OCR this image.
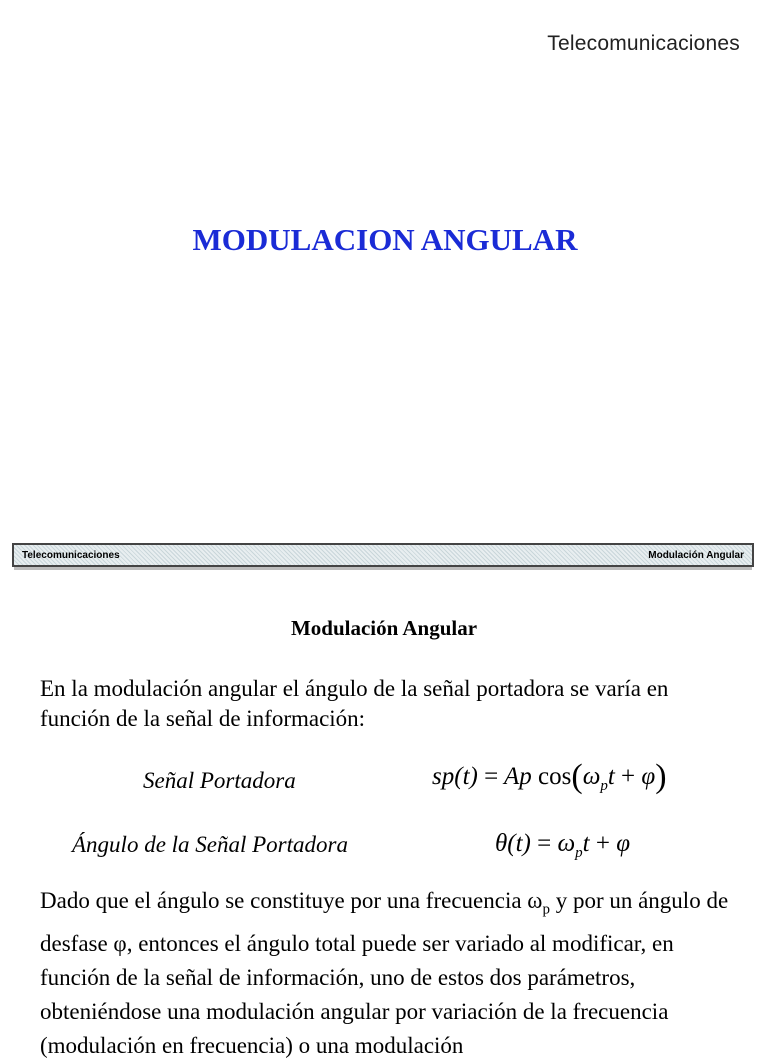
Telecomunicaciones
MODULACION ANGULAR
Telecomunicaciones	Modulación Angular
Modulación Angular
En la modulación angular el ángulo de la señal portadora se varía en función de la señal de información:
Señal Portadora	sp(t) = Ap $\cos(\omega_pt + \varphi)$
Ángulo de la Señal Portadora	$\theta(t) = \omega_pt + \varphi$
Dado que el ángulo se constituye por una frecuencia $\omega_p$ y por un ángulo de desfase φ, entonces el ángulo total puede ser variado al modificar, en función de la señal de información, uno de estos dos parámetros, obteniéndose una modulación angular por variación de la frecuencia (modulación en frecuencia) o una modulación
